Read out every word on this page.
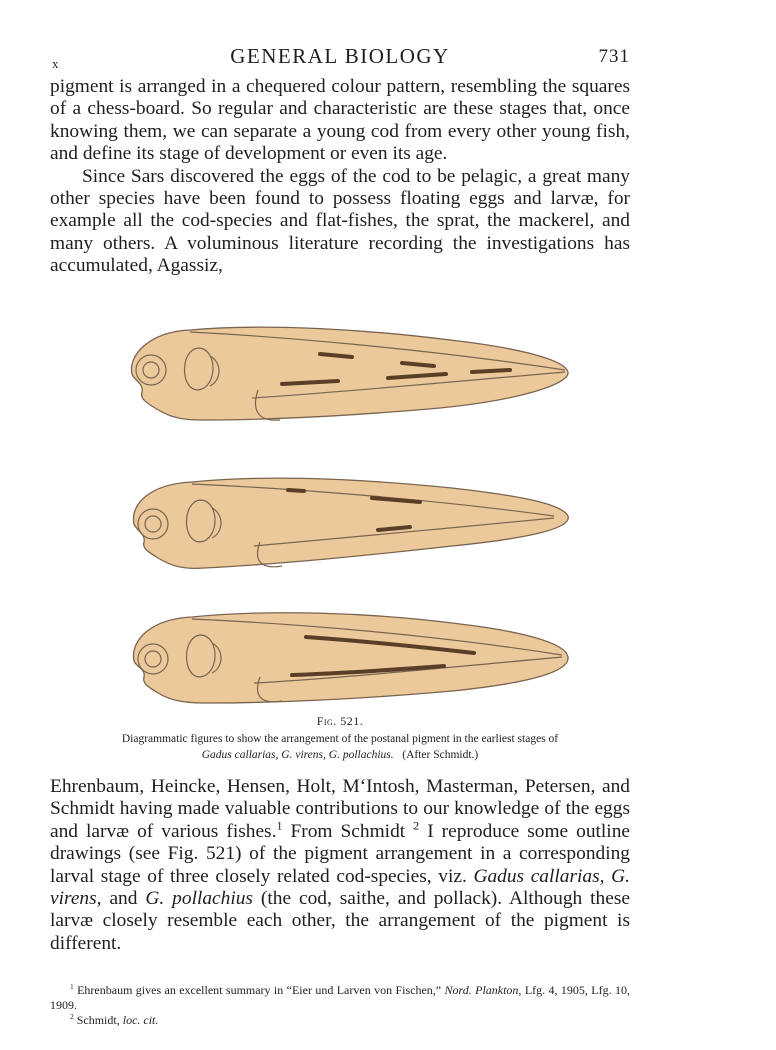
x	GENERAL BIOLOGY	731

pigment is arranged in a chequered colour pattern, resembling the squares of a chess-board. So regular and characteristic are these stages that, once knowing them, we can separate a young cod from every other young fish, and define its stage of development or even its age.

Since Sars discovered the eggs of the cod to be pelagic, a great many other species have been found to possess floating eggs and larvæ, for example all the cod-species and flat-fishes, the sprat, the mackerel, and many others. A voluminous literature recording the investigations has accumulated, Agassiz,

Fig. 521.
Diagrammatic figures to show the arrangement of the postanal pigment in the earliest stages of
Gadus callarias, G. virens, G. pollachius. (After Schmidt.)

Ehrenbaum, Heincke, Hensen, Holt, M‘Intosh, Masterman, Petersen, and Schmidt having made valuable contributions to our knowledge of the eggs and larvæ of various fishes.$^1$ From Schmidt $^2$ I reproduce some outline drawings (see Fig. 521) of the pigment arrangement in a corresponding larval stage of three closely related cod-species, viz. Gadus callarias, G. virens, and G. pollachius (the cod, saithe, and pollack). Although these larvæ closely resemble each other, the arrangement of the pigment is different.

$^1$ Ehrenbaum gives an excellent summary in “Eier und Larven von Fischen,” Nord. Plankton, Lfg. 4, 1905, Lfg. 10, 1909.

$^2$ Schmidt, loc. cit.
